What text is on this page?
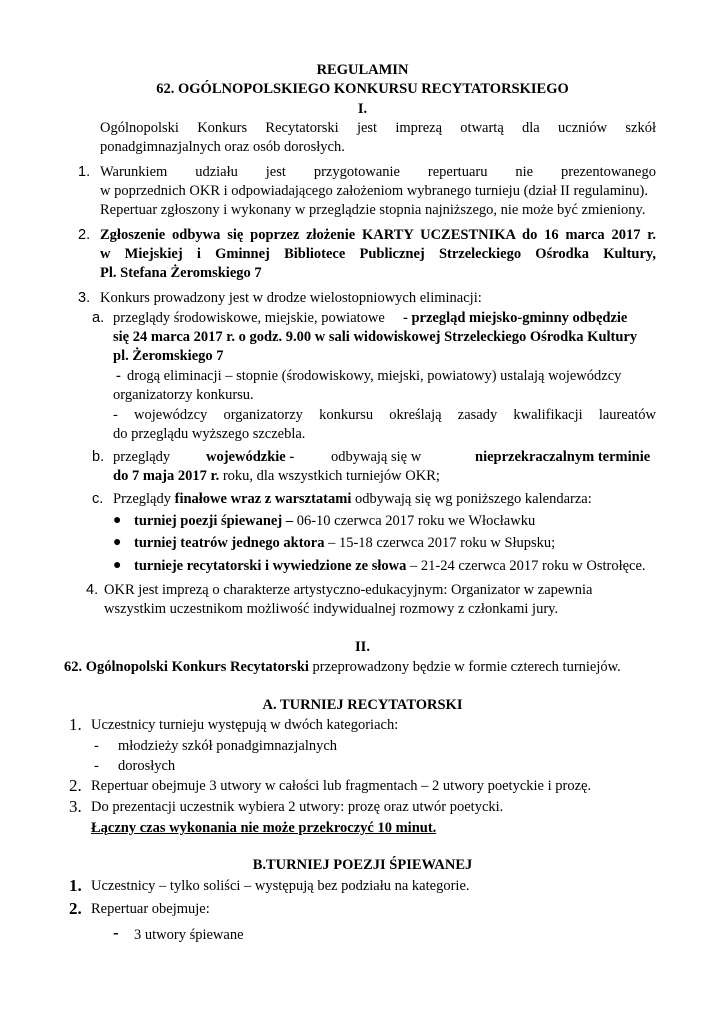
REGULAMIN
62. OGÓLNOPOLSKIEGO KONKURSU RECYTATORSKIEGO
I.
Ogólnopolski Konkurs Recytatorski jest imprezą otwartą dla uczniów szkół
ponadgimnazjalnych oraz osób dorosłych.
1. Warunkiem udziału jest przygotowanie repertuaru nie prezentowanego
w poprzednich OKR i odpowiadającego założeniom wybranego turnieju (dział II regulaminu).
Repertuar zgłoszony i wykonany w przeglądzie stopnia najniższego, nie może być zmieniony.
2. Zgłoszenie odbywa się poprzez złożenie KARTY UCZESTNIKA do 16 marca 2017 r.
w Miejskiej i Gminnej Bibliotece Publicznej Strzeleckiego Ośrodka Kultury,
Pl. Stefana Żeromskiego 7
3. Konkurs prowadzony jest w drodze wielostopniowych eliminacji:
a. przeglądy środowiskowe, miejskie, powiatowe - przegląd miejsko-gminny odbędzie
się 24 marca 2017 r. o godz. 9.00 w sali widowiskowej Strzeleckiego Ośrodka Kultury
pl. Żeromskiego 7
- drogą eliminacji – stopnie (środowiskowy, miejski, powiatowy) ustalają wojewódzcy
organizatorzy konkursu.
- wojewódzcy organizatorzy konkursu określają zasady kwalifikacji laureatów
do przeglądu wyższego szczebla.
b. przeglądy wojewódzkie -	odbywają się w	nieprzekraczalnym terminie
do 7 maja 2017 r. roku, dla wszystkich turniejów OKR;
c. Przeglądy finałowe wraz z warsztatami odbywają się wg poniższego kalendarza:
● turniej poezji śpiewanej – 06-10 czerwca 2017 roku we Włocławku
● turniej teatrów jednego aktora – 15-18 czerwca 2017 roku w Słupsku;
● turnieje recytatorski i wywiedzione ze słowa – 21-24 czerwca 2017 roku w Ostrołęce.
4. OKR jest imprezą o charakterze artystyczno-edukacyjnym: Organizator w zapewnia
wszystkim uczestnikom możliwość indywidualnej rozmowy z członkami jury.
II.
62. Ogólnopolski Konkurs Recytatorski przeprowadzony będzie w formie czterech turniejów.
A. TURNIEJ RECYTATORSKI
1. Uczestnicy turnieju występują w dwóch kategoriach:
- młodzieży szkół ponadgimnazjalnych
- dorosłych
2. Repertuar obejmuje 3 utwory w całości lub fragmentach – 2 utwory poetyckie i prozę.
3. Do prezentacji uczestnik wybiera 2 utwory: prozę oraz utwór poetycki.
Łączny czas wykonania nie może przekroczyć 10 minut.
B.TURNIEJ POEZJI ŚPIEWANEJ
1. Uczestnicy – tylko soliści – występują bez podziału na kategorie.
2. Repertuar obejmuje:
- 3 utwory śpiewane
